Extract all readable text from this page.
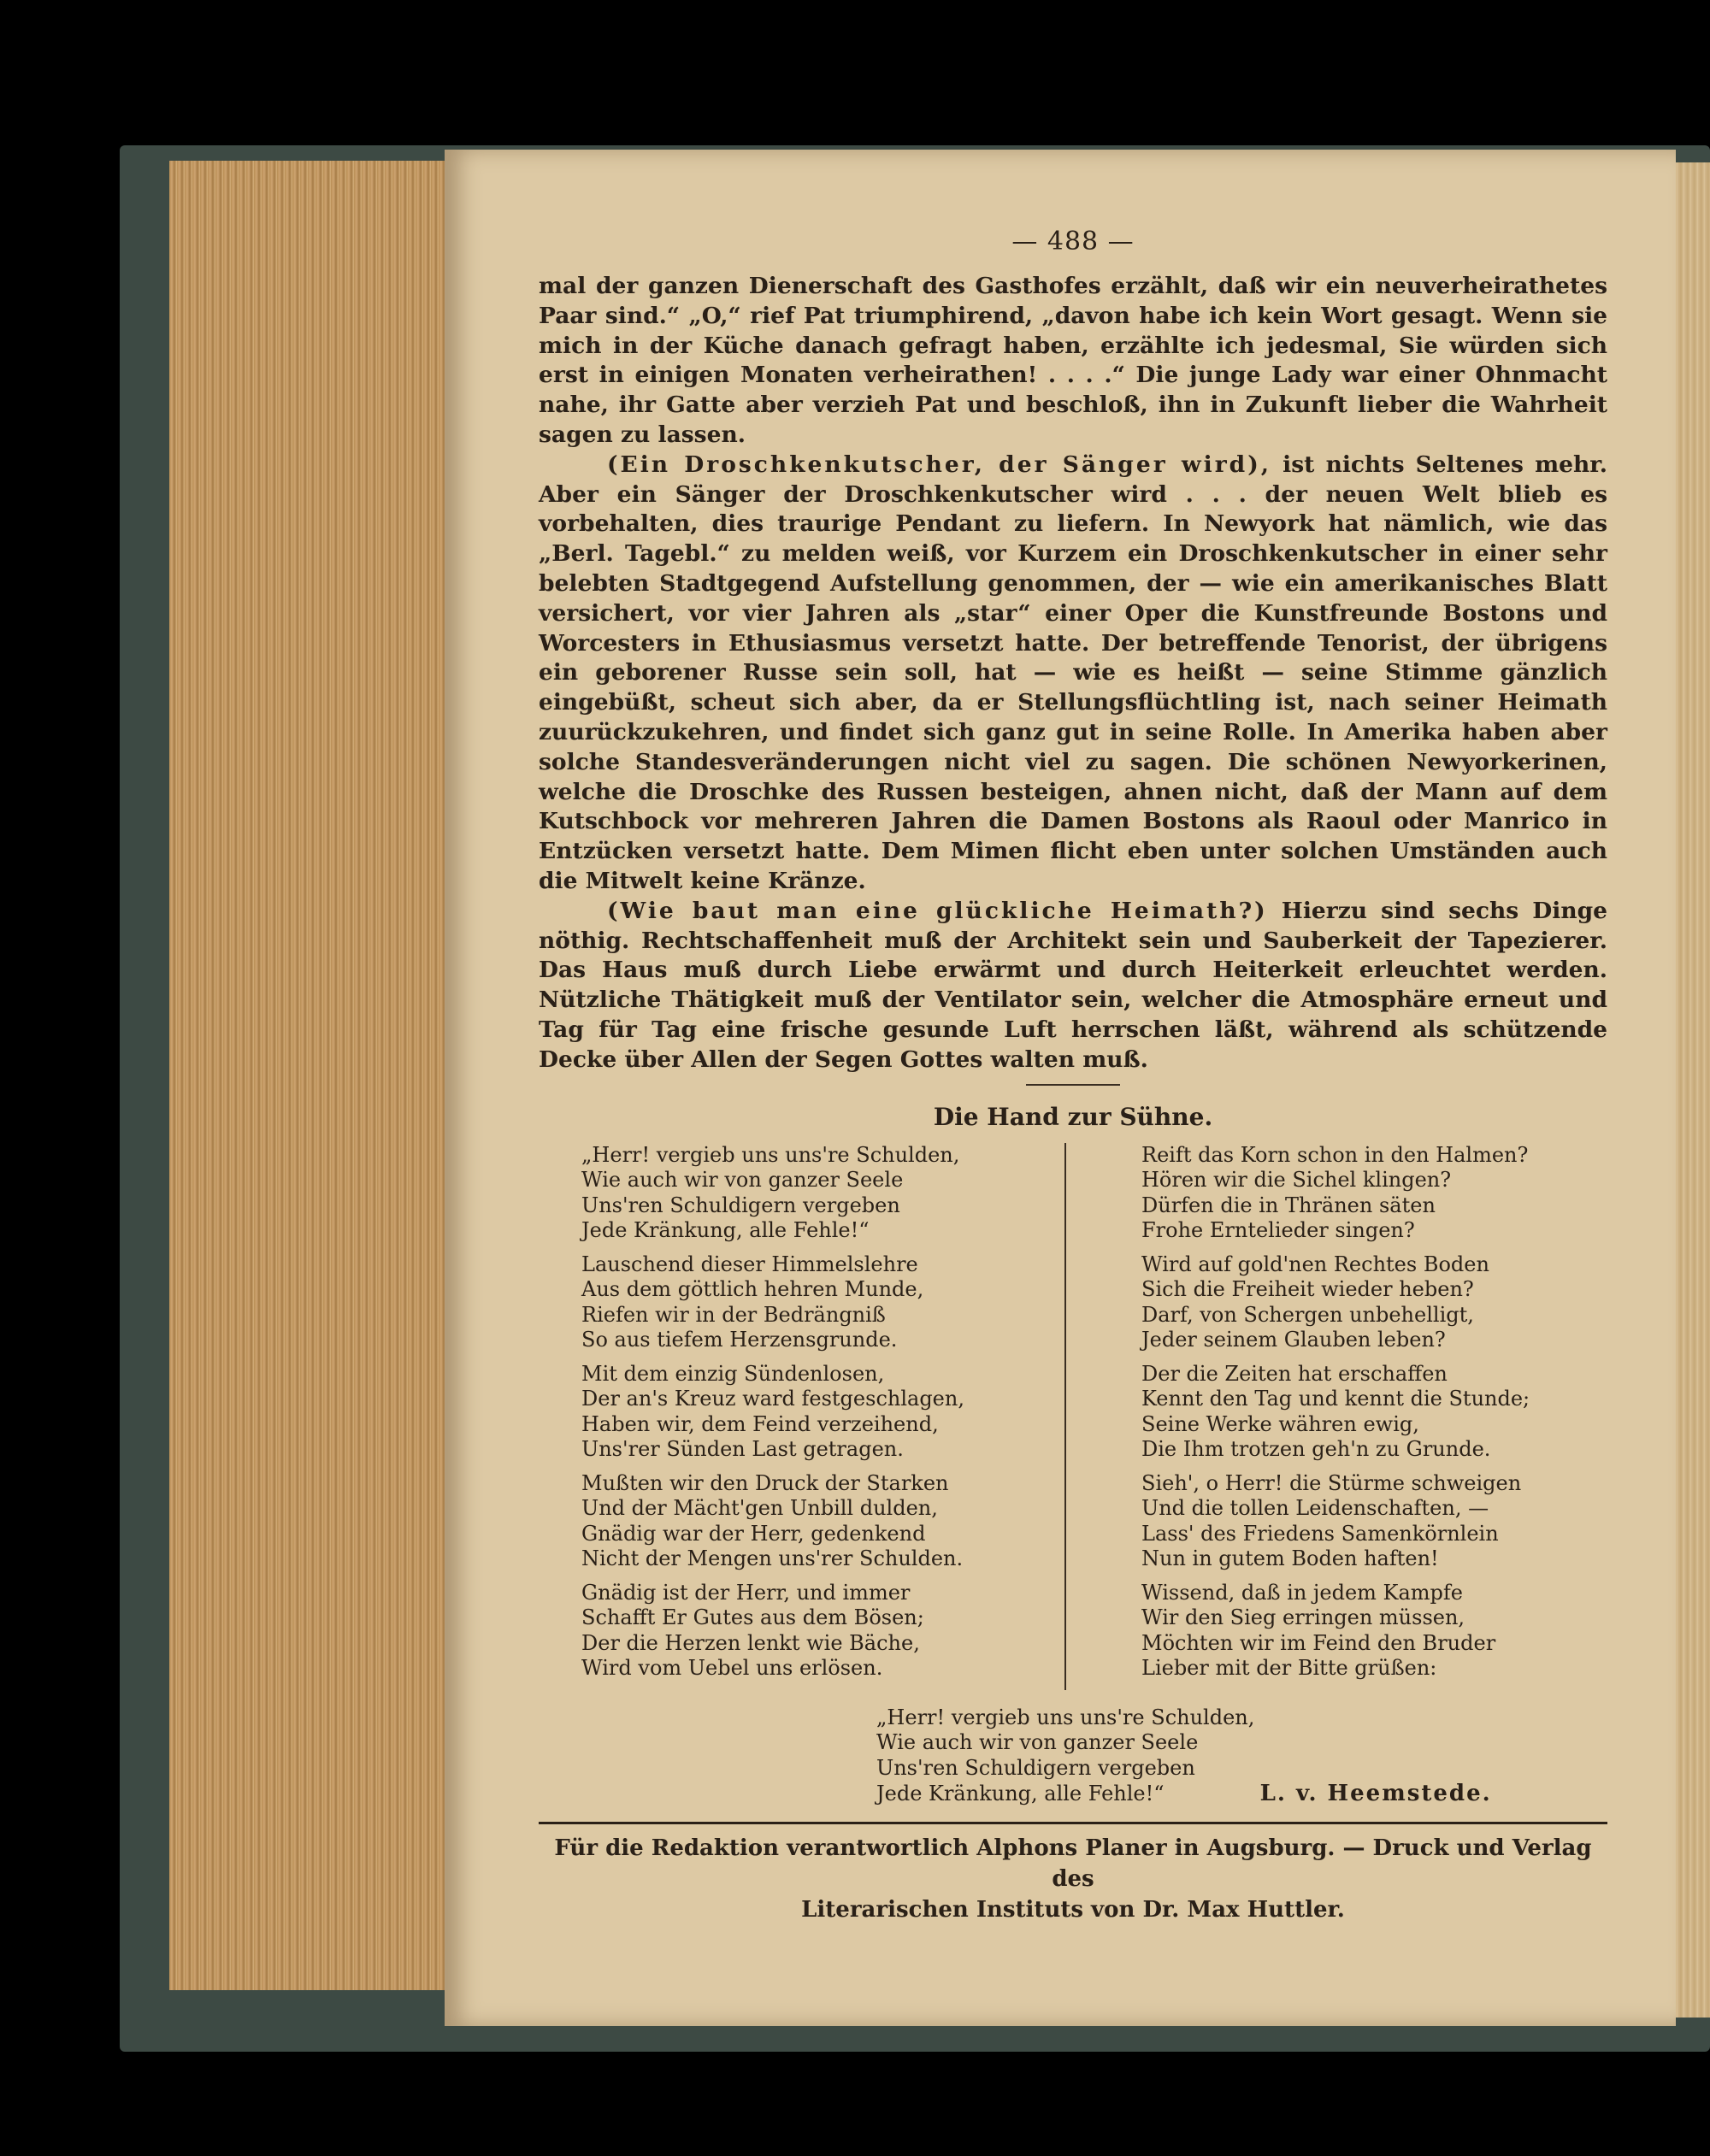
— 488 —

mal der ganzen Dienerschaft des Gasthofes erzählt, daß wir ein neuverheirathetes Paar sind.“ „O,“ rief Pat triumphirend, „davon habe ich kein Wort gesagt. Wenn sie mich in der Küche danach gefragt haben, erzählte ich jedesmal, Sie würden sich erst in einigen Monaten verheirathen! . . . .“ Die junge Lady war einer Ohnmacht nahe, ihr Gatte aber verzieh Pat und beschloß, ihn in Zukunft lieber die Wahrheit sagen zu lassen.

(Ein Droschkenkutscher, der Sänger wird), ist nichts Seltenes mehr. Aber ein Sänger der Droschkenkutscher wird . . . der neuen Welt blieb es vorbehalten, dies traurige Pendant zu liefern. In Newyork hat nämlich, wie das „Berl. Tagebl.“ zu melden weiß, vor Kurzem ein Droschkenkutscher in einer sehr belebten Stadtgegend Aufstellung genommen, der — wie ein amerikanisches Blatt versichert, vor vier Jahren als „star“ einer Oper die Kunstfreunde Bostons und Worcesters in Ethusiasmus versetzt hatte. Der betreffende Tenorist, der übrigens ein geborener Russe sein soll, hat — wie es heißt — seine Stimme gänzlich eingebüßt, scheut sich aber, da er Stellungsflüchtling ist, nach seiner Heimath zuurückzukehren, und findet sich ganz gut in seine Rolle. In Amerika haben aber solche Standesveränderungen nicht viel zu sagen. Die schönen Newyorkerinen, welche die Droschke des Russen besteigen, ahnen nicht, daß der Mann auf dem Kutschbock vor mehreren Jahren die Damen Bostons als Raoul oder Manrico in Entzücken versetzt hatte. Dem Mimen flicht eben unter solchen Umständen auch die Mitwelt keine Kränze.

(Wie baut man eine glückliche Heimath?) Hierzu sind sechs Dinge nöthig. Rechtschaffenheit muß der Architekt sein und Sauberkeit der Tapezierer. Das Haus muß durch Liebe erwärmt und durch Heiterkeit erleuchtet werden. Nützliche Thätigkeit muß der Ventilator sein, welcher die Atmosphäre erneut und Tag für Tag eine frische gesunde Luft herrschen läßt, während als schützende Decke über Allen der Segen Gottes walten muß.

Die Hand zur Sühne.
„Herr! vergieb uns uns're Schulden,
Wie auch wir von ganzer Seele
Uns'ren Schuldigern vergeben
Jede Kränkung, alle Fehle!“
Lauschend dieser Himmelslehre
Aus dem göttlich hehren Munde,
Riefen wir in der Bedrängniß
So aus tiefem Herzensgrunde.
Mit dem einzig Sündenlosen,
Der an's Kreuz ward festgeschlagen,
Haben wir, dem Feind verzeihend,
Uns'rer Sünden Last getragen.
Mußten wir den Druck der Starken
Und der Mächt'gen Unbill dulden,
Gnädig war der Herr, gedenkend
Nicht der Mengen uns'rer Schulden.
Gnädig ist der Herr, und immer
Schafft Er Gutes aus dem Bösen;
Der die Herzen lenkt wie Bäche,
Wird vom Uebel uns erlösen.
Reift das Korn schon in den Halmen?
Hören wir die Sichel klingen?
Dürfen die in Thränen säten
Frohe Erntelieder singen?
Wird auf gold'nen Rechtes Boden
Sich die Freiheit wieder heben?
Darf, von Schergen unbehelligt,
Jeder seinem Glauben leben?
Der die Zeiten hat erschaffen
Kennt den Tag und kennt die Stunde;
Seine Werke währen ewig,
Die Ihm trotzen geh'n zu Grunde.
Sieh', o Herr! die Stürme schweigen
Und die tollen Leidenschaften, —
Lass' des Friedens Samenkörnlein
Nun in gutem Boden haften!
Wissend, daß in jedem Kampfe
Wir den Sieg erringen müssen,
Möchten wir im Feind den Bruder
Lieber mit der Bitte grüßen:
„Herr! vergieb uns uns're Schulden,
Wie auch wir von ganzer Seele
Uns'ren Schuldigern vergeben
Jede Kränkung, alle Fehle!“	L. v. Heemstede.
Für die Redaktion verantwortlich Alphons Planer in Augsburg. — Druck und Verlag des
Literarischen Instituts von Dr. Max Huttler.
